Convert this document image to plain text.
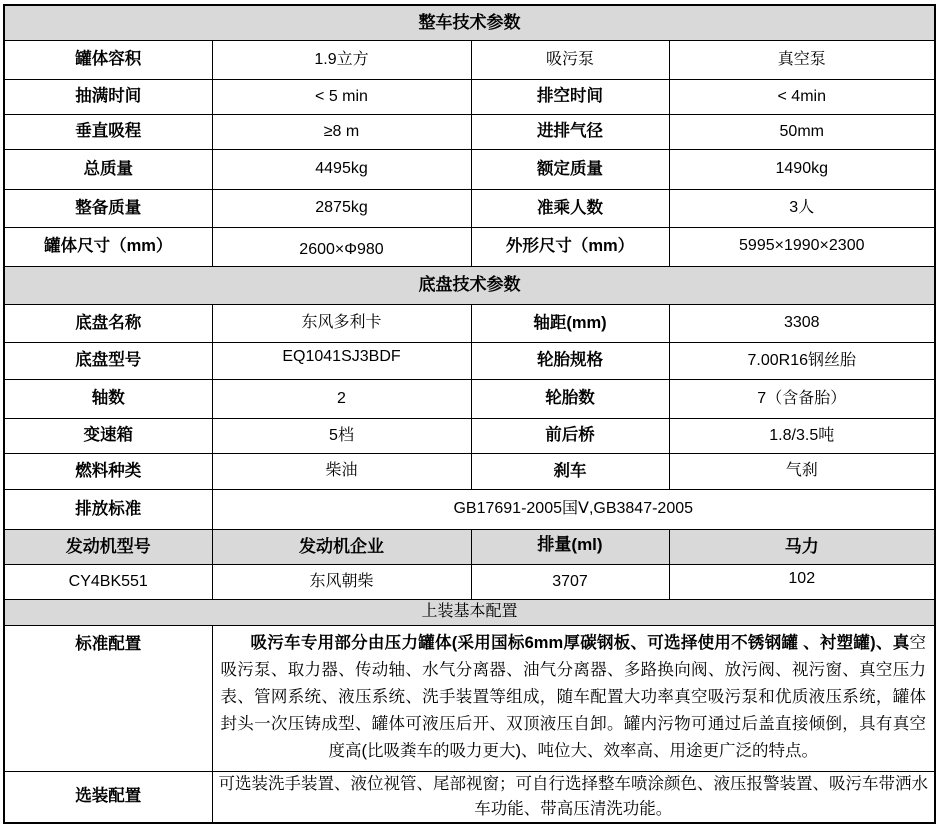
整车技术参数			
罐体容积	1.9立方	吸污泵	真空泵
抽满时间	< 5 min	排空时间	< 4min
垂直吸程	≥8 m	进排气径	50mm
总质量	4495kg	额定质量	1490kg
整备质量	2875kg	准乘人数	3人
罐体尺寸（mm）	2600×Φ980	外形尺寸（mm）	5995×1990×2300
底盘技术参数			
底盘名称	东风多利卡	轴距(mm)	3308
底盘型号	EQ1041SJ3BDF	轮胎规格	7.00R16钢丝胎
轴数	2	轮胎数	7（含备胎）
变速箱	5档	前后桥	1.8/3.5吨
燃料种类	柴油	刹车	气刹
排放标准	GB17691-2005国Ⅴ,GB3847-2005		
发动机型号	发动机企业	排量(ml)	马力
CY4BK551	东风朝柴	3707	102
上装基本配置			
标准配置	吸污车专用部分由压力罐体(采用国标6mm厚碳钢板、可选择使用不锈钢罐 、衬塑罐)、真空吸污泵、取力器、传动轴、水气分离器、油气分离器、多路换向阀、放污阀、视污窗、真空压力表、管网系统、液压系统、洗手装置等组成，随车配置大功率真空吸污泵和优质液压系统，罐体封头一次压铸成型、罐体可液压后开、双顶液压自卸。罐内污物可通过后盖直接倾倒，具有真空度高(比吸粪车的吸力更大)、吨位大、效率高、用途更广泛的特点。		

选装配置	可选装洗手装置、液位视管、尾部视窗；可自行选择整车喷涂颜色、液压报警装置、吸污车带洒水车功能、带高压清洗功能。		
